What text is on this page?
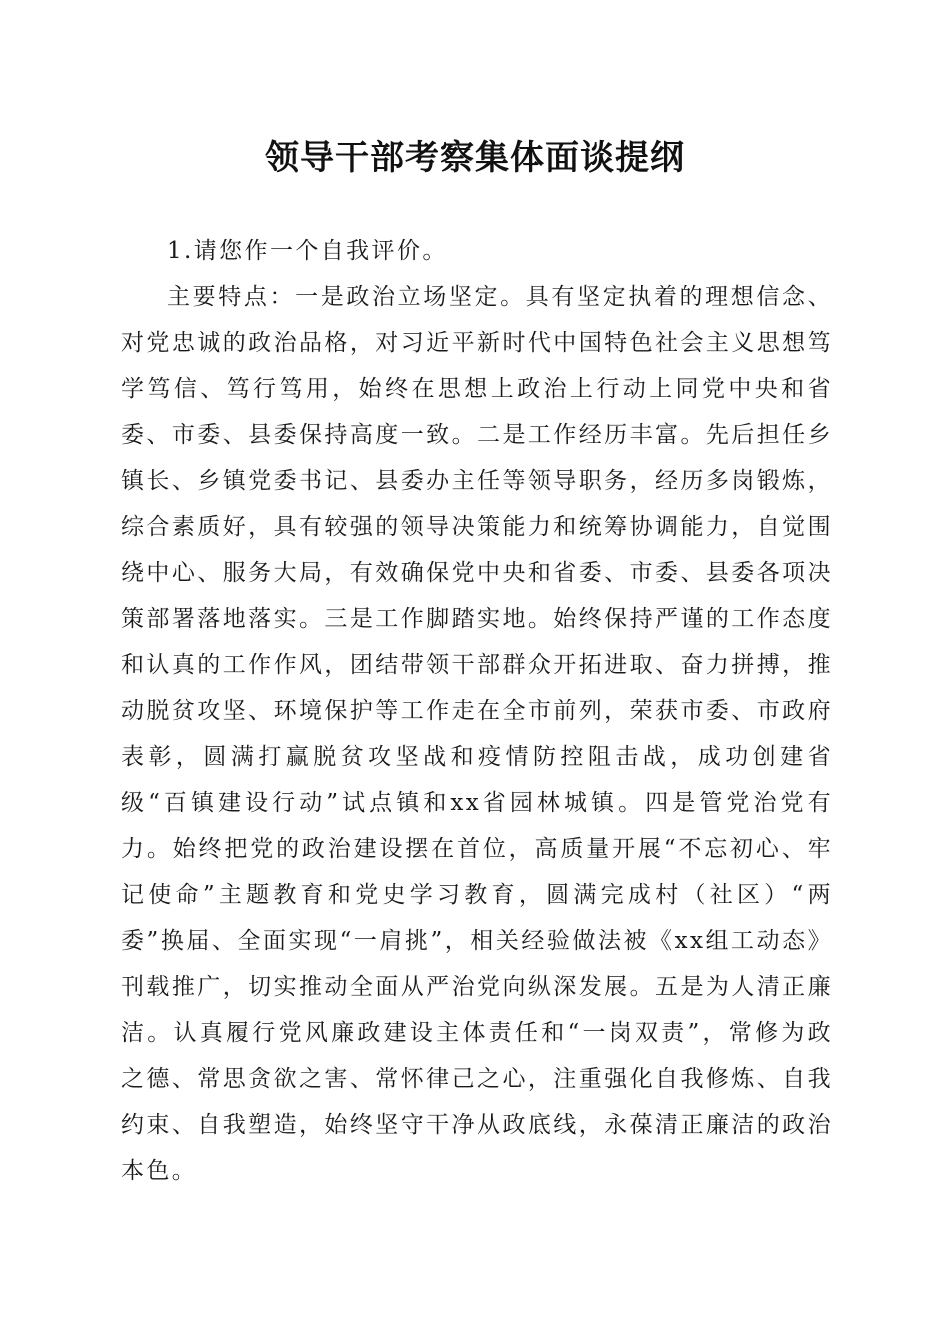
领导干部考察集体面谈提纲

1.请您作一个自我评价。

主要特点：一是政治立场坚定。具有坚定执着的理想信念、对党忠诚的政治品格，对习近平新时代中国特色社会主义思想笃学笃信、笃行笃用，始终在思想上政治上行动上同党中央和省委、市委、县委保持高度一致。二是工作经历丰富。先后担任乡镇长、乡镇党委书记、县委办主任等领导职务，经历多岗锻炼，综合素质好，具有较强的领导决策能力和统筹协调能力，自觉围绕中心、服务大局，有效确保党中央和省委、市委、县委各项决策部署落地落实。三是工作脚踏实地。始终保持严谨的工作态度和认真的工作作风，团结带领干部群众开拓进取、奋力拼搏，推动脱贫攻坚、环境保护等工作走在全市前列，荣获市委、市政府表彰，圆满打赢脱贫攻坚战和疫情防控阻击战，成功创建省级“百镇建设行动”试点镇和xx省园林城镇。四是管党治党有力。始终把党的政治建设摆在首位，高质量开展“不忘初心、牢记使命”主题教育和党史学习教育，圆满完成村（社区）“两委”换届、全面实现“一肩挑”，相关经验做法被《xx组工动态》刊载推广，切实推动全面从严治党向纵深发展。五是为人清正廉洁。认真履行党风廉政建设主体责任和“一岗双责”，常修为政之德、常思贪欲之害、常怀律己之心，注重强化自我修炼、自我约束、自我塑造，始终坚守干净从政底线，永葆清正廉洁的政治本色。
